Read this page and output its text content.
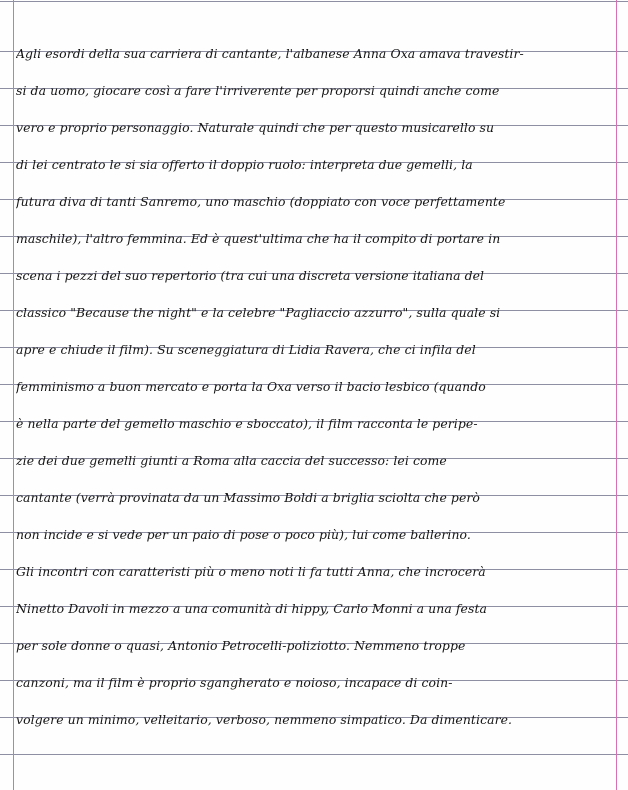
Agli esordi della sua carriera di cantante, l'albanese Anna Oxa amava travestir-
si da uomo, giocare così a fare l'irriverente per proporsi quindi anche come
vero e proprio personaggio. Naturale quindi che per questo musicarello su
di lei centrato le si sia offerto il doppio ruolo: interpreta due gemelli, la
futura diva di tanti Sanremo, uno maschio (doppiato con voce perfettamente
maschile), l'altro femmina. Ed è quest'ultima che ha il compito di portare in
scena i pezzi del suo repertorio (tra cui una discreta versione italiana del
classico "Because the night" e la celebre "Pagliaccio azzurro", sulla quale si
apre e chiude il film). Su sceneggiatura di Lidia Ravera, che ci infila del
femminismo a buon mercato e porta la Oxa verso il bacio lesbico (quando
è nella parte del gemello maschio e sboccato), il film racconta le peripe-
zie dei due gemelli giunti a Roma alla caccia del successo: lei come
cantante (verrà provinata da un Massimo Boldi a briglia sciolta che però
non incide e si vede per un paio di pose o poco più), lui come ballerino.
Gli incontri con caratteristi più o meno noti li fa tutti Anna, che incrocerà
Ninetto Davoli in mezzo a una comunità di hippy, Carlo Monni a una festa
per sole donne o quasi, Antonio Petrocelli-poliziotto. Nemmeno troppe
canzoni, ma il film è proprio sgangherato e noioso, incapace di coin-
volgere un minimo, velleitario, verboso, nemmeno simpatico. Da dimenticare.
